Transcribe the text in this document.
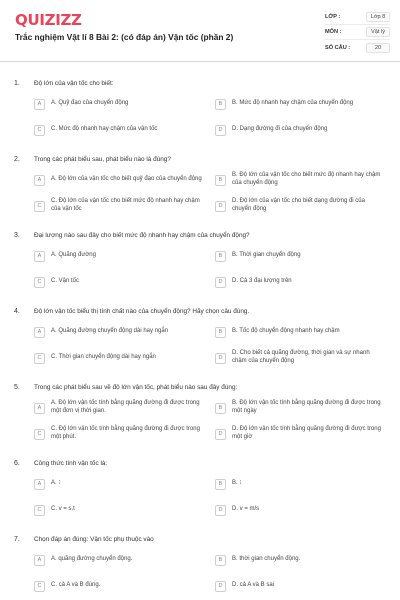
QUIZIZZ
Trắc nghiệm Vật lí 8 Bài 2: (có đáp án) Vận tốc (phần 2)
LỚP :	Lớp 8
MÔN :	Vật lý
SỐ CÂU :	20
1. Độ lớn của vận tốc cho biết:
A	A. Quỹ đạo của chuyển động	B	B. Mức độ nhanh hay chậm của chuyển động
C	C. Mức độ nhanh hay chậm của vận tốc	D	D. Dạng đường đi của chuyển động
2. Trong các phát biểu sau, phát biểu nào là đúng?
A	A. Độ lớn của vận tốc cho biết quỹ đạo của chuyển động	B
B. Độ lớn của vận tốc cho biết mức độ nhanh hay chậm của chuyển động
C
C. Độ lớn của vận tốc cho biết mức độ nhanh hay chậm của vận tốc	D
D. Độ lớn của vận tốc cho biết dạng đường đi của chuyển động
3. Đại lượng nào sau đây cho biết mức độ nhanh hay chậm của chuyển động?
A	A. Quãng đường	B	B. Thời gian chuyển động
C	C. Vận tốc	D	D. Cả 3 đại lượng trên
4. Độ lớn vận tốc biểu thị tính chất nào của chuyển động? Hãy chọn câu đúng.
A	A. Quãng đường chuyển động dài hay ngắn	B	B. Tốc độ chuyển động nhanh hay chậm
C	C. Thời gian chuyển động dài hay ngắn	D
D. Cho biết cả quãng đường, thời gian và sự nhanh chậm của chuyển động
5. Trong các phát biểu sau về độ lớn vận tốc, phát biểu nào sau đây đúng:
A
A. Độ lớn vận tốc tính bằng quãng đường đi được trong một đơn vị thời gian.	B
B. Độ lớn vận tốc tính bằng quãng đường đi được trong một ngày
C
C. Độ lớn vận tốc tính bằng quãng đường đi được trong một phút.	D
D. Độ lớn vận tốc tính bằng quãng đường đi được trong một giờ
6. Công thức tính vận tốc là:
A	A. ⁝	B	B. ⁝
C	C. v = s.t	D	D. v = m/s
7. Chọn đáp án đúng: Vận tốc phụ thuộc vào
A	A. quãng đường chuyển động.	B	B. thời gian chuyển động.
C	C. cả A và B đúng.	D	D. cả A và B sai
